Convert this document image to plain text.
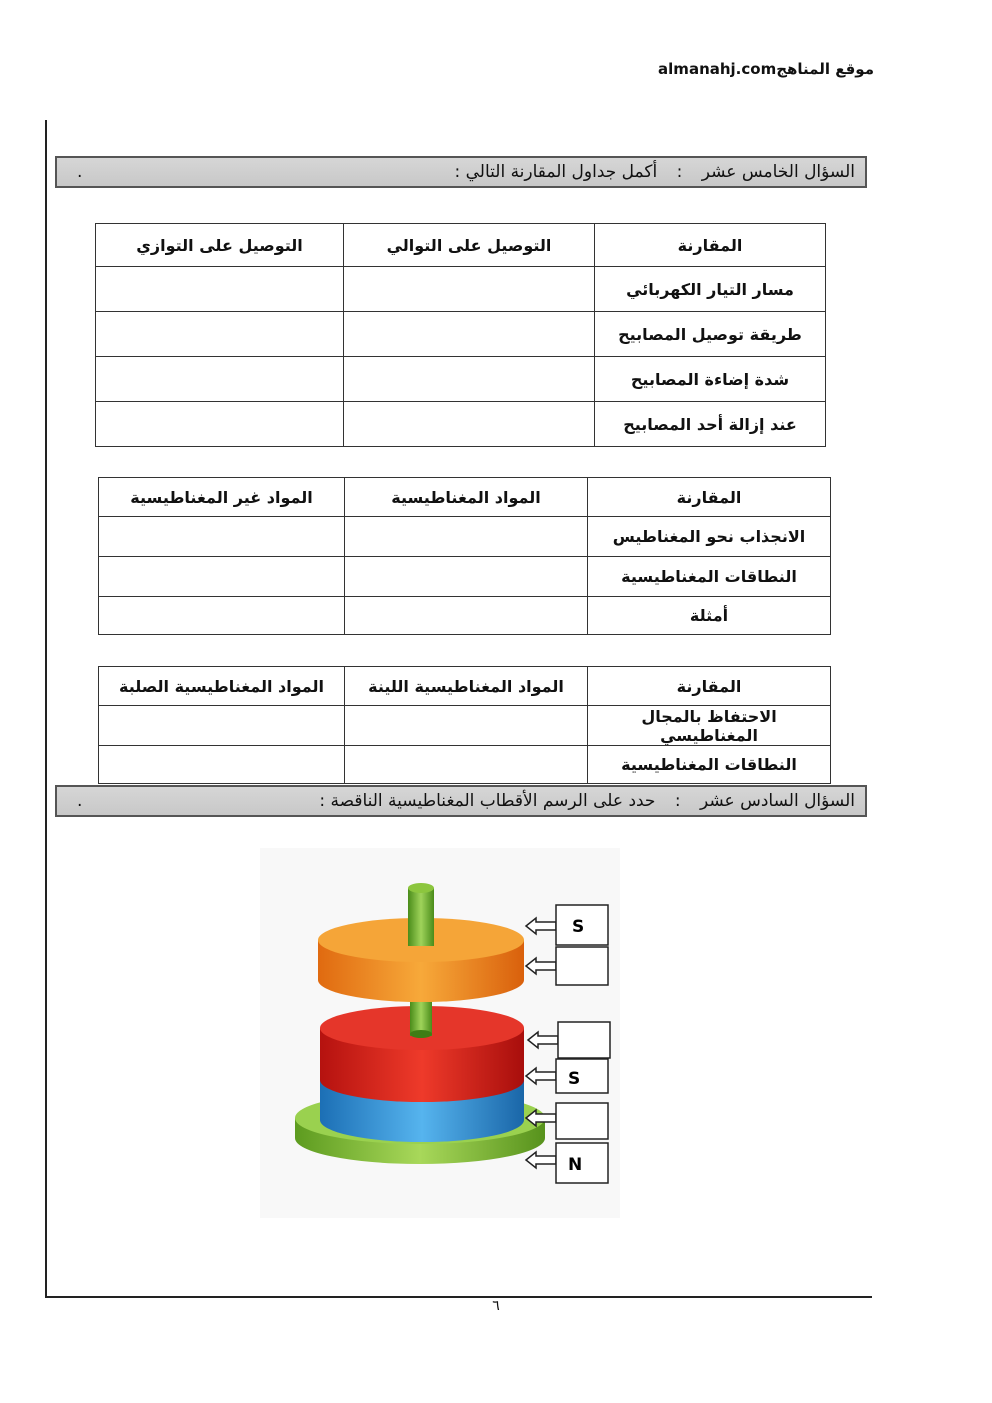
almanahj.comموقع المناهج
السؤال الخامس عشر : أكمل جداول المقارنة التالي :
.
المقارنة	التوصيل على التوالي	التوصيل على التوازي
مسار التيار الكهربائي		
طريقة توصيل المصابيح		
شدة إضاءة المصابيح		
عند إزالة أحد المصابيح		
المقارنة	المواد المغناطيسية	المواد غير المغناطيسية
الانجذاب نحو المغناطيس		
النطاقات المغناطيسية		
أمثلة		
المقارنة	المواد المغناطيسية اللينة	المواد المغناطيسية الصلبة
الاحتفاظ بالمجال المغناطيسي		
النطاقات المغناطيسية		
السؤال السادس عشر : حدد على الرسم الأقطاب المغناطيسية الناقصة :
.
S
S
N
٦
